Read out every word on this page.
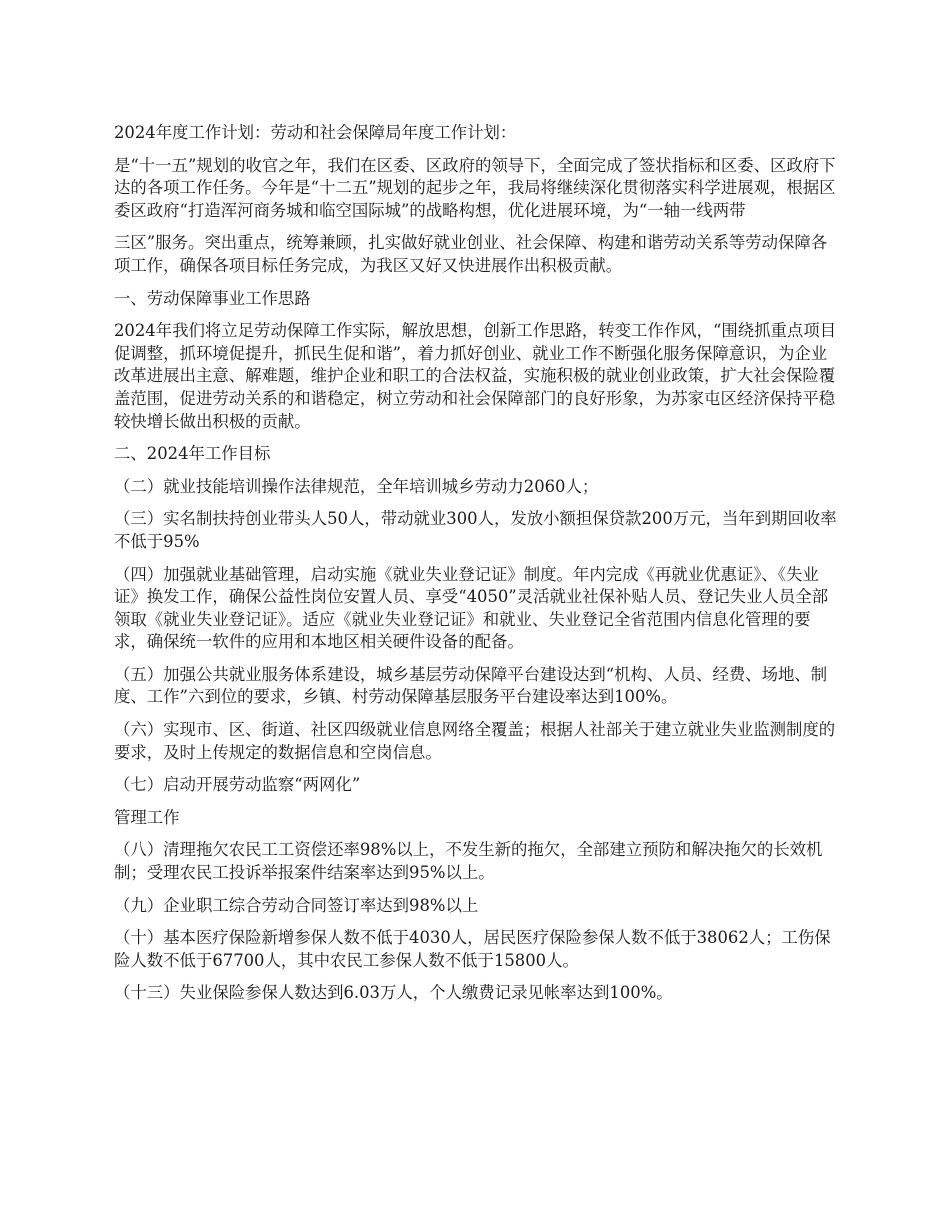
2024年度工作计划：劳动和社会保障局年度工作计划：

是“十一五”规划的收官之年，我们在区委、区政府的领导下，全面完成了签状指标和区委、区政府下达的各项工作任务。今年是“十二五”规划的起步之年，我局将继续深化贯彻落实科学进展观，根据区委区政府“打造浑河商务城和临空国际城”的战略构想，优化进展环境，为“一轴一线两带

三区”服务。突出重点，统筹兼顾，扎实做好就业创业、社会保障、构建和谐劳动关系等劳动保障各项工作，确保各项目标任务完成，为我区又好又快进展作出积极贡献。

一、劳动保障事业工作思路

2024年我们将立足劳动保障工作实际，解放思想，创新工作思路，转变工作作风，“围绕抓重点项目促调整，抓环境促提升，抓民生促和谐”，着力抓好创业、就业工作不断强化服务保障意识，为企业改革进展出主意、解难题，维护企业和职工的合法权益，实施积极的就业创业政策，扩大社会保险覆盖范围，促进劳动关系的和谐稳定，树立劳动和社会保障部门的良好形象，为苏家屯区经济保持平稳较快增长做出积极的贡献。

二、2024年工作目标

（二）就业技能培训操作法律规范，全年培训城乡劳动力2060人；

（三）实名制扶持创业带头人50人，带动就业300人，发放小额担保贷款200万元，当年到期回收率不低于95%

（四）加强就业基础管理，启动实施《就业失业登记证》制度。年内完成《再就业优惠证》、《失业证》换发工作，确保公益性岗位安置人员、享受“4050”灵活就业社保补贴人员、登记失业人员全部领取《就业失业登记证》。适应《就业失业登记证》和就业、失业登记全省范围内信息化管理的要求，确保统一软件的应用和本地区相关硬件设备的配备。

（五）加强公共就业服务体系建设，城乡基层劳动保障平台建设达到“机构、人员、经费、场地、制度、工作”六到位的要求，乡镇、村劳动保障基层服务平台建设率达到100%。

（六）实现市、区、街道、社区四级就业信息网络全覆盖；根据人社部关于建立就业失业监测制度的要求，及时上传规定的数据信息和空岗信息。

（七）启动开展劳动监察“两网化”

管理工作

（八）清理拖欠农民工工资偿还率98%以上，不发生新的拖欠，全部建立预防和解决拖欠的长效机制；受理农民工投诉举报案件结案率达到95%以上。

（九）企业职工综合劳动合同签订率达到98%以上

（十）基本医疗保险新增参保人数不低于4030人，居民医疗保险参保人数不低于38062人；工伤保险人数不低于67700人，其中农民工参保人数不低于15800人。

（十三）失业保险参保人数达到6.03万人，个人缴费记录见帐率达到100%。
